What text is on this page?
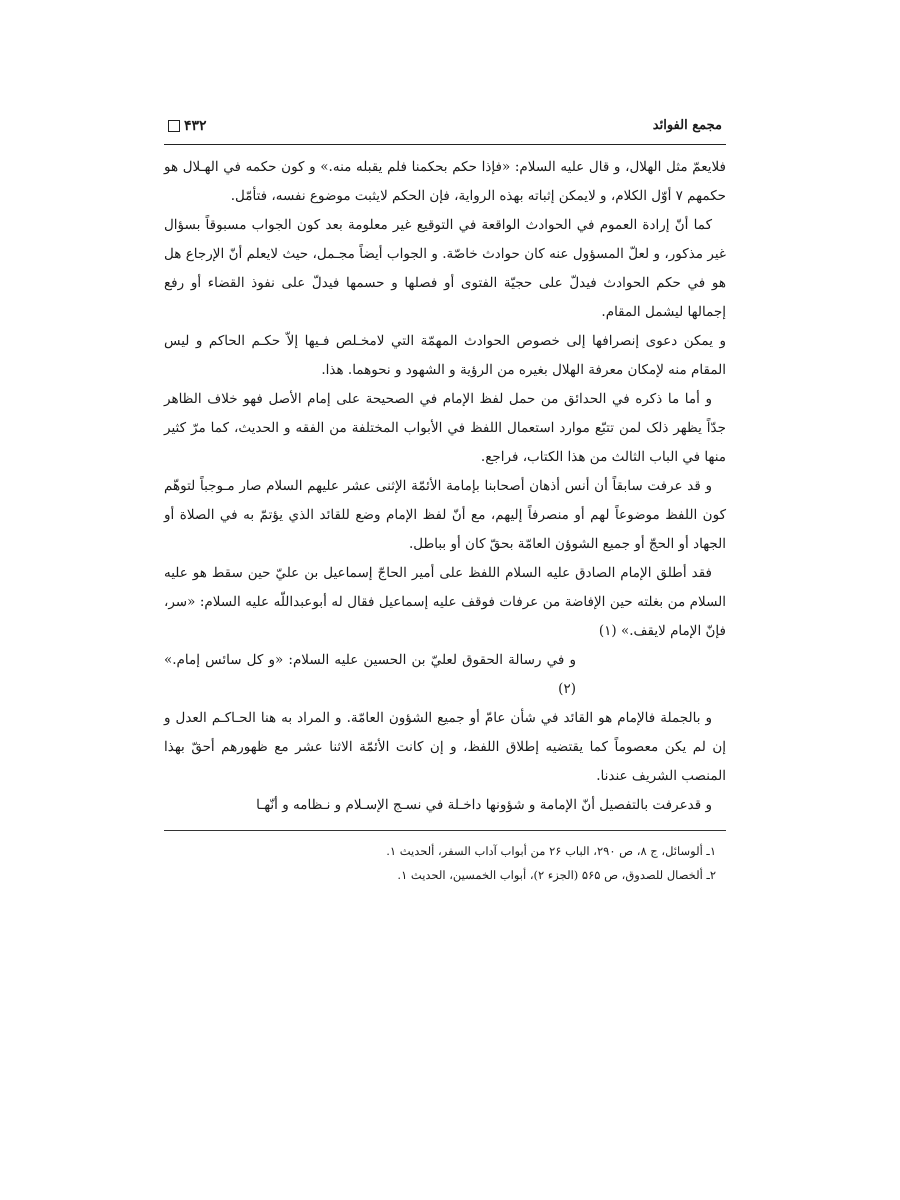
۴۳۲	مجمع الفوائد

فلايعمّ مثل الهلال، و قال عليه السلام: «فإذا حكم بحكمنا فلم يقبله منه.» و كون حكمه في الهـلال هو حكمهم ۷ أوّل الكلام، و لايمكن إثباته بهذه الرواية، فإن الحكم لايثبت موضوع نفسه، فتأمّل.

كما أنّ إرادة العموم في الحوادث الواقعة في التوقيع غير معلومة بعد كون الجواب مسبوقاً بسؤال غير مذكور، و لعلّ المسؤول عنه كان حوادث خاصّة. و الجواب أيضاً مجـمل، حيث لايعلم أنّ الإرجاع هل هو في حكم الحوادث فيدلّ على حجيّة الفتوى أو فصلها و حسمها فيدلّ على نفوذ القضاء أو رفع إجمالها ليشمل المقام.

و يمكن دعوى إنصرافها إلى خصوص الحوادث المهمّة التي لامخـلص فـيها إلاّ حكـم الحاكم و ليس المقام منه لإمكان معرفة الهلال بغيره من الرؤية و الشهود و نحوهما. هذا.

و أما ما ذكره في الحدائق من حمل لفظ الإمام في الصحيحة على إمام الأصل فهو خلاف الظاهر جدّاً يظهر ذلک لمن تتبّع موارد استعمال اللفظ في الأبواب المختلفة من الفقه و الحديث، كما مرّ كثير منها في الباب الثالث من هذا الكتاب، فراجع.

و قد عرفت سابقاً أن أنس أذهان أصحابنا بإمامة الأئمّة الإثنى عشر عليهم السلام صار مـوجباً لتوهّم كون اللفظ موضوعاً لهم أو منصرفاً إليهم، مع أنّ لفظ الإمام وضع للقائد الذي يؤتمّ به في الصلاة أو الجهاد أو الحجّ أو جميع الشوؤن العامّة بحقّ كان أو بباطل.

فقد أطلق الإمام الصادق عليه السلام اللفظ على أمير الحاجّ إسماعيل بن عليّ حين سقط هو عليه السلام من بغلته حين الإفاضة من عرفات فوقف عليه إسماعيل فقال له أبوعبداللّه عليه السلام: «سر، فإنّ الإمام لايقف.» (۱)

و في رسالة الحقوق لعليّ بن الحسين عليه السلام: «و كل سائس إمام.» (۲)

و بالجملة فالإمام هو القائد في شأن عامّ أو جميع الشؤون العامّة. و المراد به هنا الحـاكـم العدل و إن لم يكن معصوماً كما يقتضيه إطلاق اللفظ، و إن كانت الأئمّة الاثنا عشر مع ظهورهم أحقّ بهذا المنصب الشريف عندنا.

و قدعرفت بالتفصيل أنّ الإمامة و شؤونها داخـلة في نسـج الإسـلام و نـظامه و أنّهـا

۱ـ ألوسائل، ج ۸، ص ۲۹۰، الباب ۲۶ من أبواب آداب السفر، ألحديث ۱.
۲ـ ألخصال للصدوق، ص ۵۶۵ (الجزء ۲)، أبواب الخمسين، الحديث ۱.
